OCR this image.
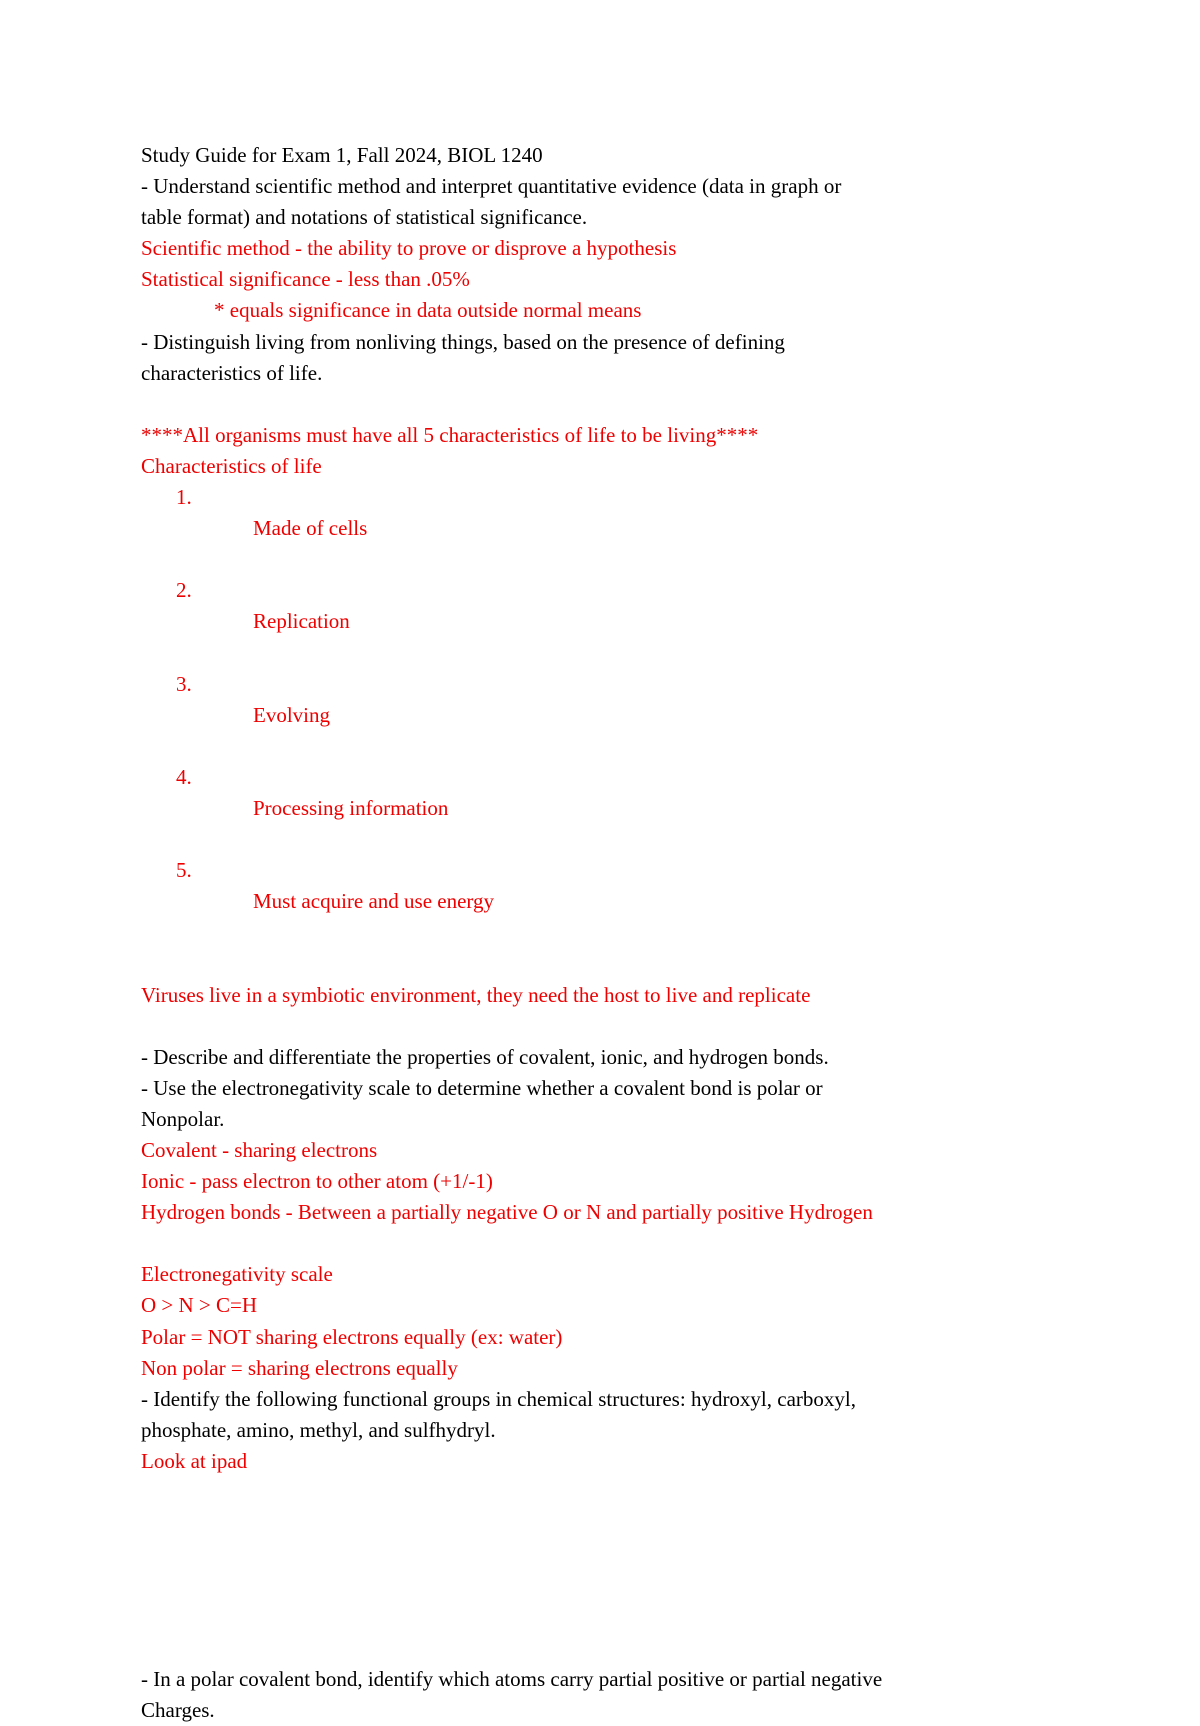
Study Guide for Exam 1, Fall 2024, BIOL 1240
- Understand scientific method and interpret quantitative evidence (data in graph or
table format) and notations of statistical significance.
Scientific method - the ability to prove or disprove a hypothesis
Statistical significance - less than .05%
* equals significance in data outside normal means
- Distinguish living from nonliving things, based on the presence of defining
characteristics of life.
****All organisms must have all 5 characteristics of life to be living****
Characteristics of life

1.
Made of cells

2.
Replication

3.
Evolving

4.
Processing information

5.
Must acquire and use energy

Viruses live in a symbiotic environment, they need the host to live and replicate
- Describe and differentiate the properties of covalent, ionic, and hydrogen bonds.
- Use the electronegativity scale to determine whether a covalent bond is polar or
Nonpolar.
Covalent - sharing electrons
Ionic - pass electron to other atom (+1/-1)
Hydrogen bonds - Between a partially negative O or N and partially positive Hydrogen
Electronegativity scale
O > N > C=H
Polar = NOT sharing electrons equally (ex: water)
Non polar = sharing electrons equally
- Identify the following functional groups in chemical structures: hydroxyl, carboxyl,
phosphate, amino, methyl, and sulfhydryl.
Look at ipad
- In a polar covalent bond, identify which atoms carry partial positive or partial negative
Charges.
